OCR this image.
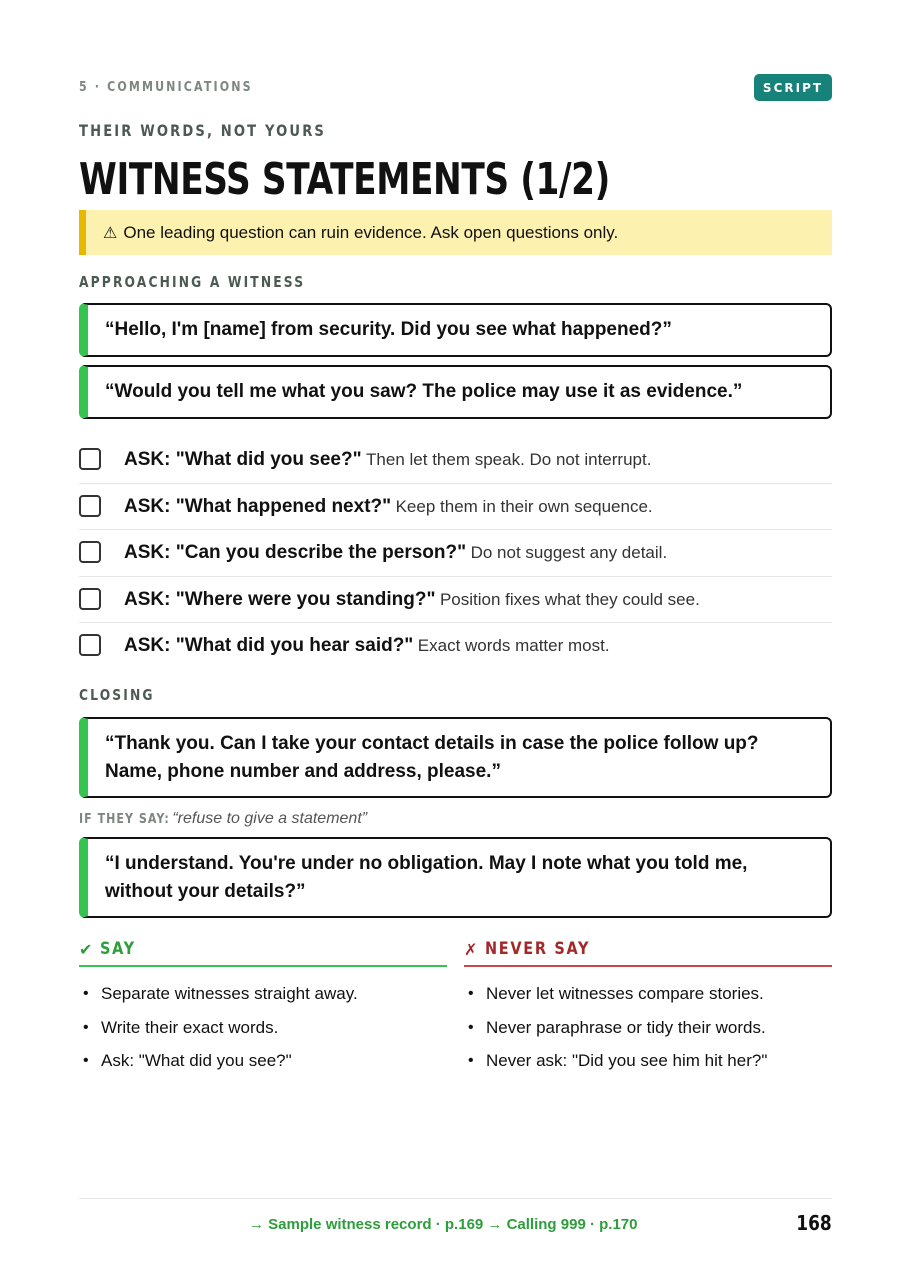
5 · COMMUNICATIONS	SCRIPT
THEIR WORDS, NOT YOURS
WITNESS STATEMENTS (1/2)
⚠ One leading question can ruin evidence. Ask open questions only.
APPROACHING A WITNESS
“Hello, I'm [name] from security. Did you see what happened?”
“Would you tell me what you saw? The police may use it as evidence.”
ASK: "What did you see?" Then let them speak. Do not interrupt.
ASK: "What happened next?" Keep them in their own sequence.
ASK: "Can you describe the person?" Do not suggest any detail.
ASK: "Where were you standing?" Position fixes what they could see.
ASK: "What did you hear said?" Exact words matter most.
CLOSING
“Thank you. Can I take your contact details in case the police follow up? Name, phone number and address, please.”
IF THEY SAY: “refuse to give a statement”
“I understand. You're under no obligation. May I note what you told me, without your details?”
✔ SAY
• Separate witnesses straight away.
• Write their exact words.
• Ask: "What did you see?"
✗ NEVER SAY
• Never let witnesses compare stories.
• Never paraphrase or tidy their words.
• Never ask: "Did you see him hit her?"
→ Sample witness record · p.169 → Calling 999 · p.170	168
